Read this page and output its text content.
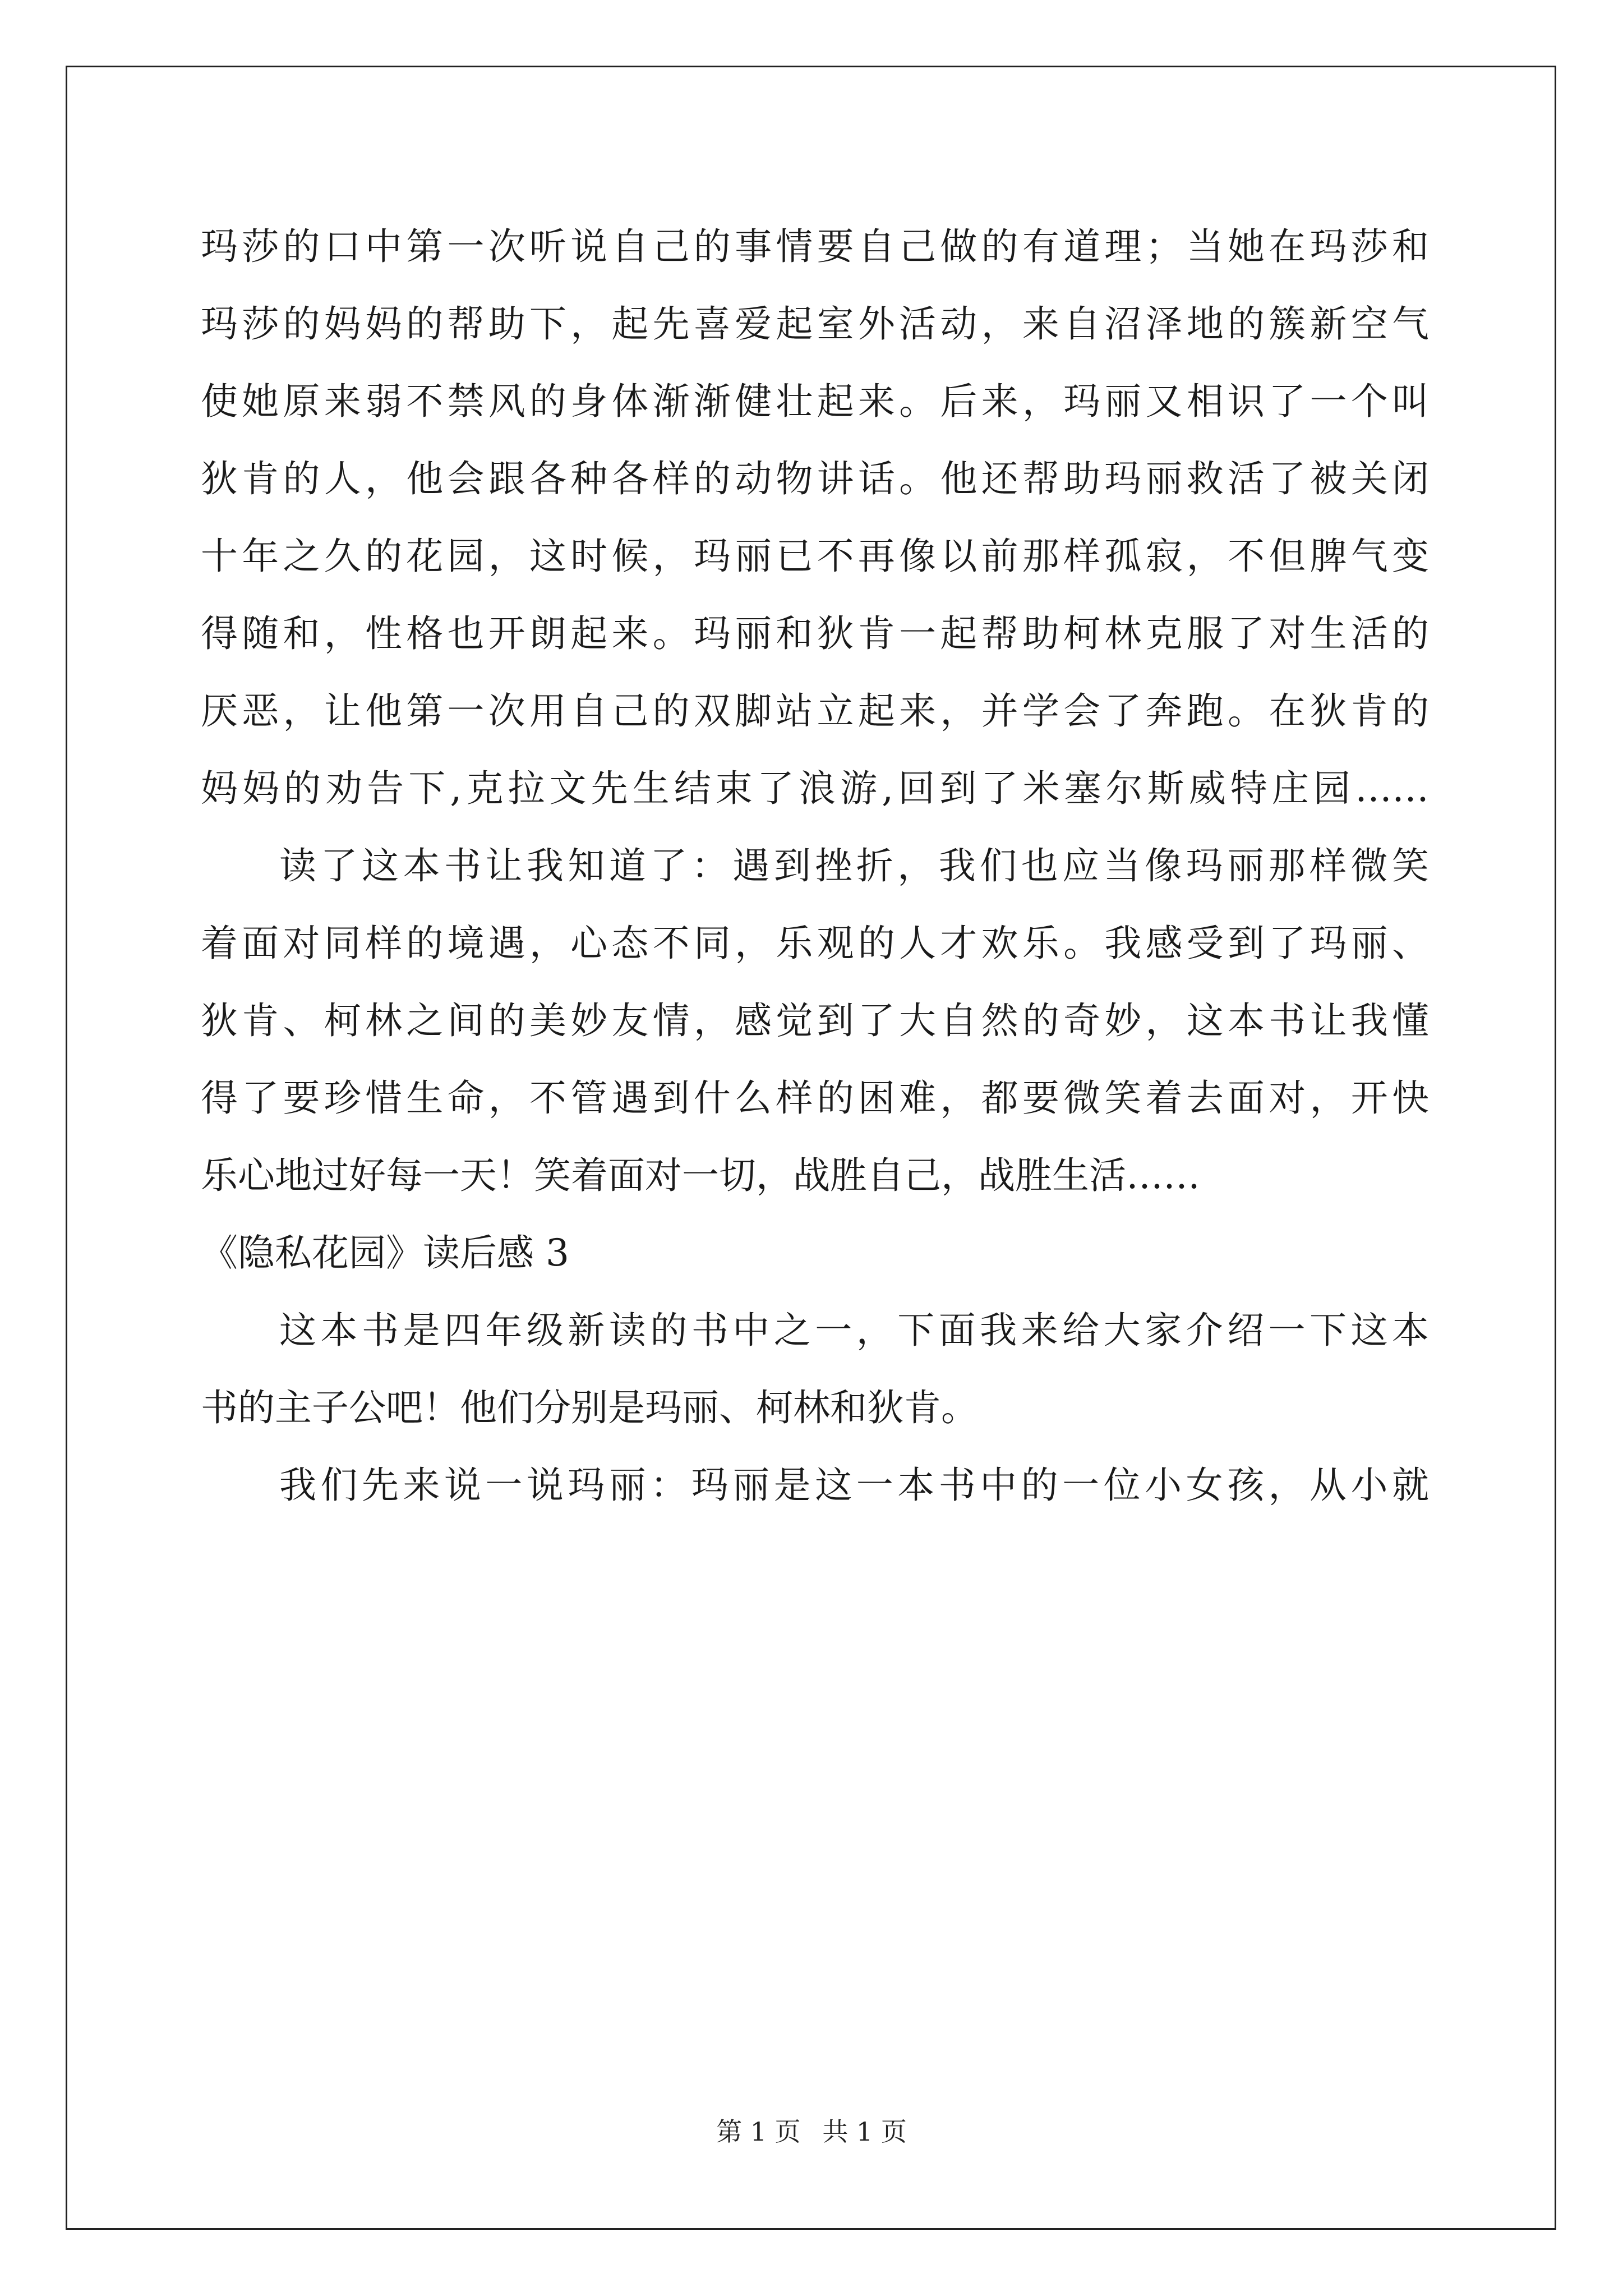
玛莎的口中第一次听说自己的事情要自己做的有道理；当她在玛莎和
玛莎的妈妈的帮助下，起先喜爱起室外活动，来自沼泽地的簇新空气
使她原来弱不禁风的身体渐渐健壮起来。后来，玛丽又相识了一个叫
狄肯的人，他会跟各种各样的动物讲话。他还帮助玛丽救活了被关闭
十年之久的花园，这时候，玛丽已不再像以前那样孤寂，不但脾气变
得随和，性格也开朗起来。玛丽和狄肯一起帮助柯林克服了对生活的
厌恶，让他第一次用自己的双脚站立起来，并学会了奔跑。在狄肯的
妈妈的劝告下,克拉文先生结束了浪游,回到了米塞尔斯威特庄园……
读了这本书让我知道了：遇到挫折，我们也应当像玛丽那样微笑
着面对同样的境遇，心态不同，乐观的人才欢乐。我感受到了玛丽、
狄肯、柯林之间的美妙友情，感觉到了大自然的奇妙，这本书让我懂
得了要珍惜生命，不管遇到什么样的困难，都要微笑着去面对，开快
乐心地过好每一天！笑着面对一切，战胜自己，战胜生活……
《隐私花园》读后感 3
这本书是四年级新读的书中之一，下面我来给大家介绍一下这本
书的主子公吧！他们分别是玛丽、柯林和狄肯。
我们先来说一说玛丽：玛丽是这一本书中的一位小女孩，从小就
第 1 页 共 1 页
